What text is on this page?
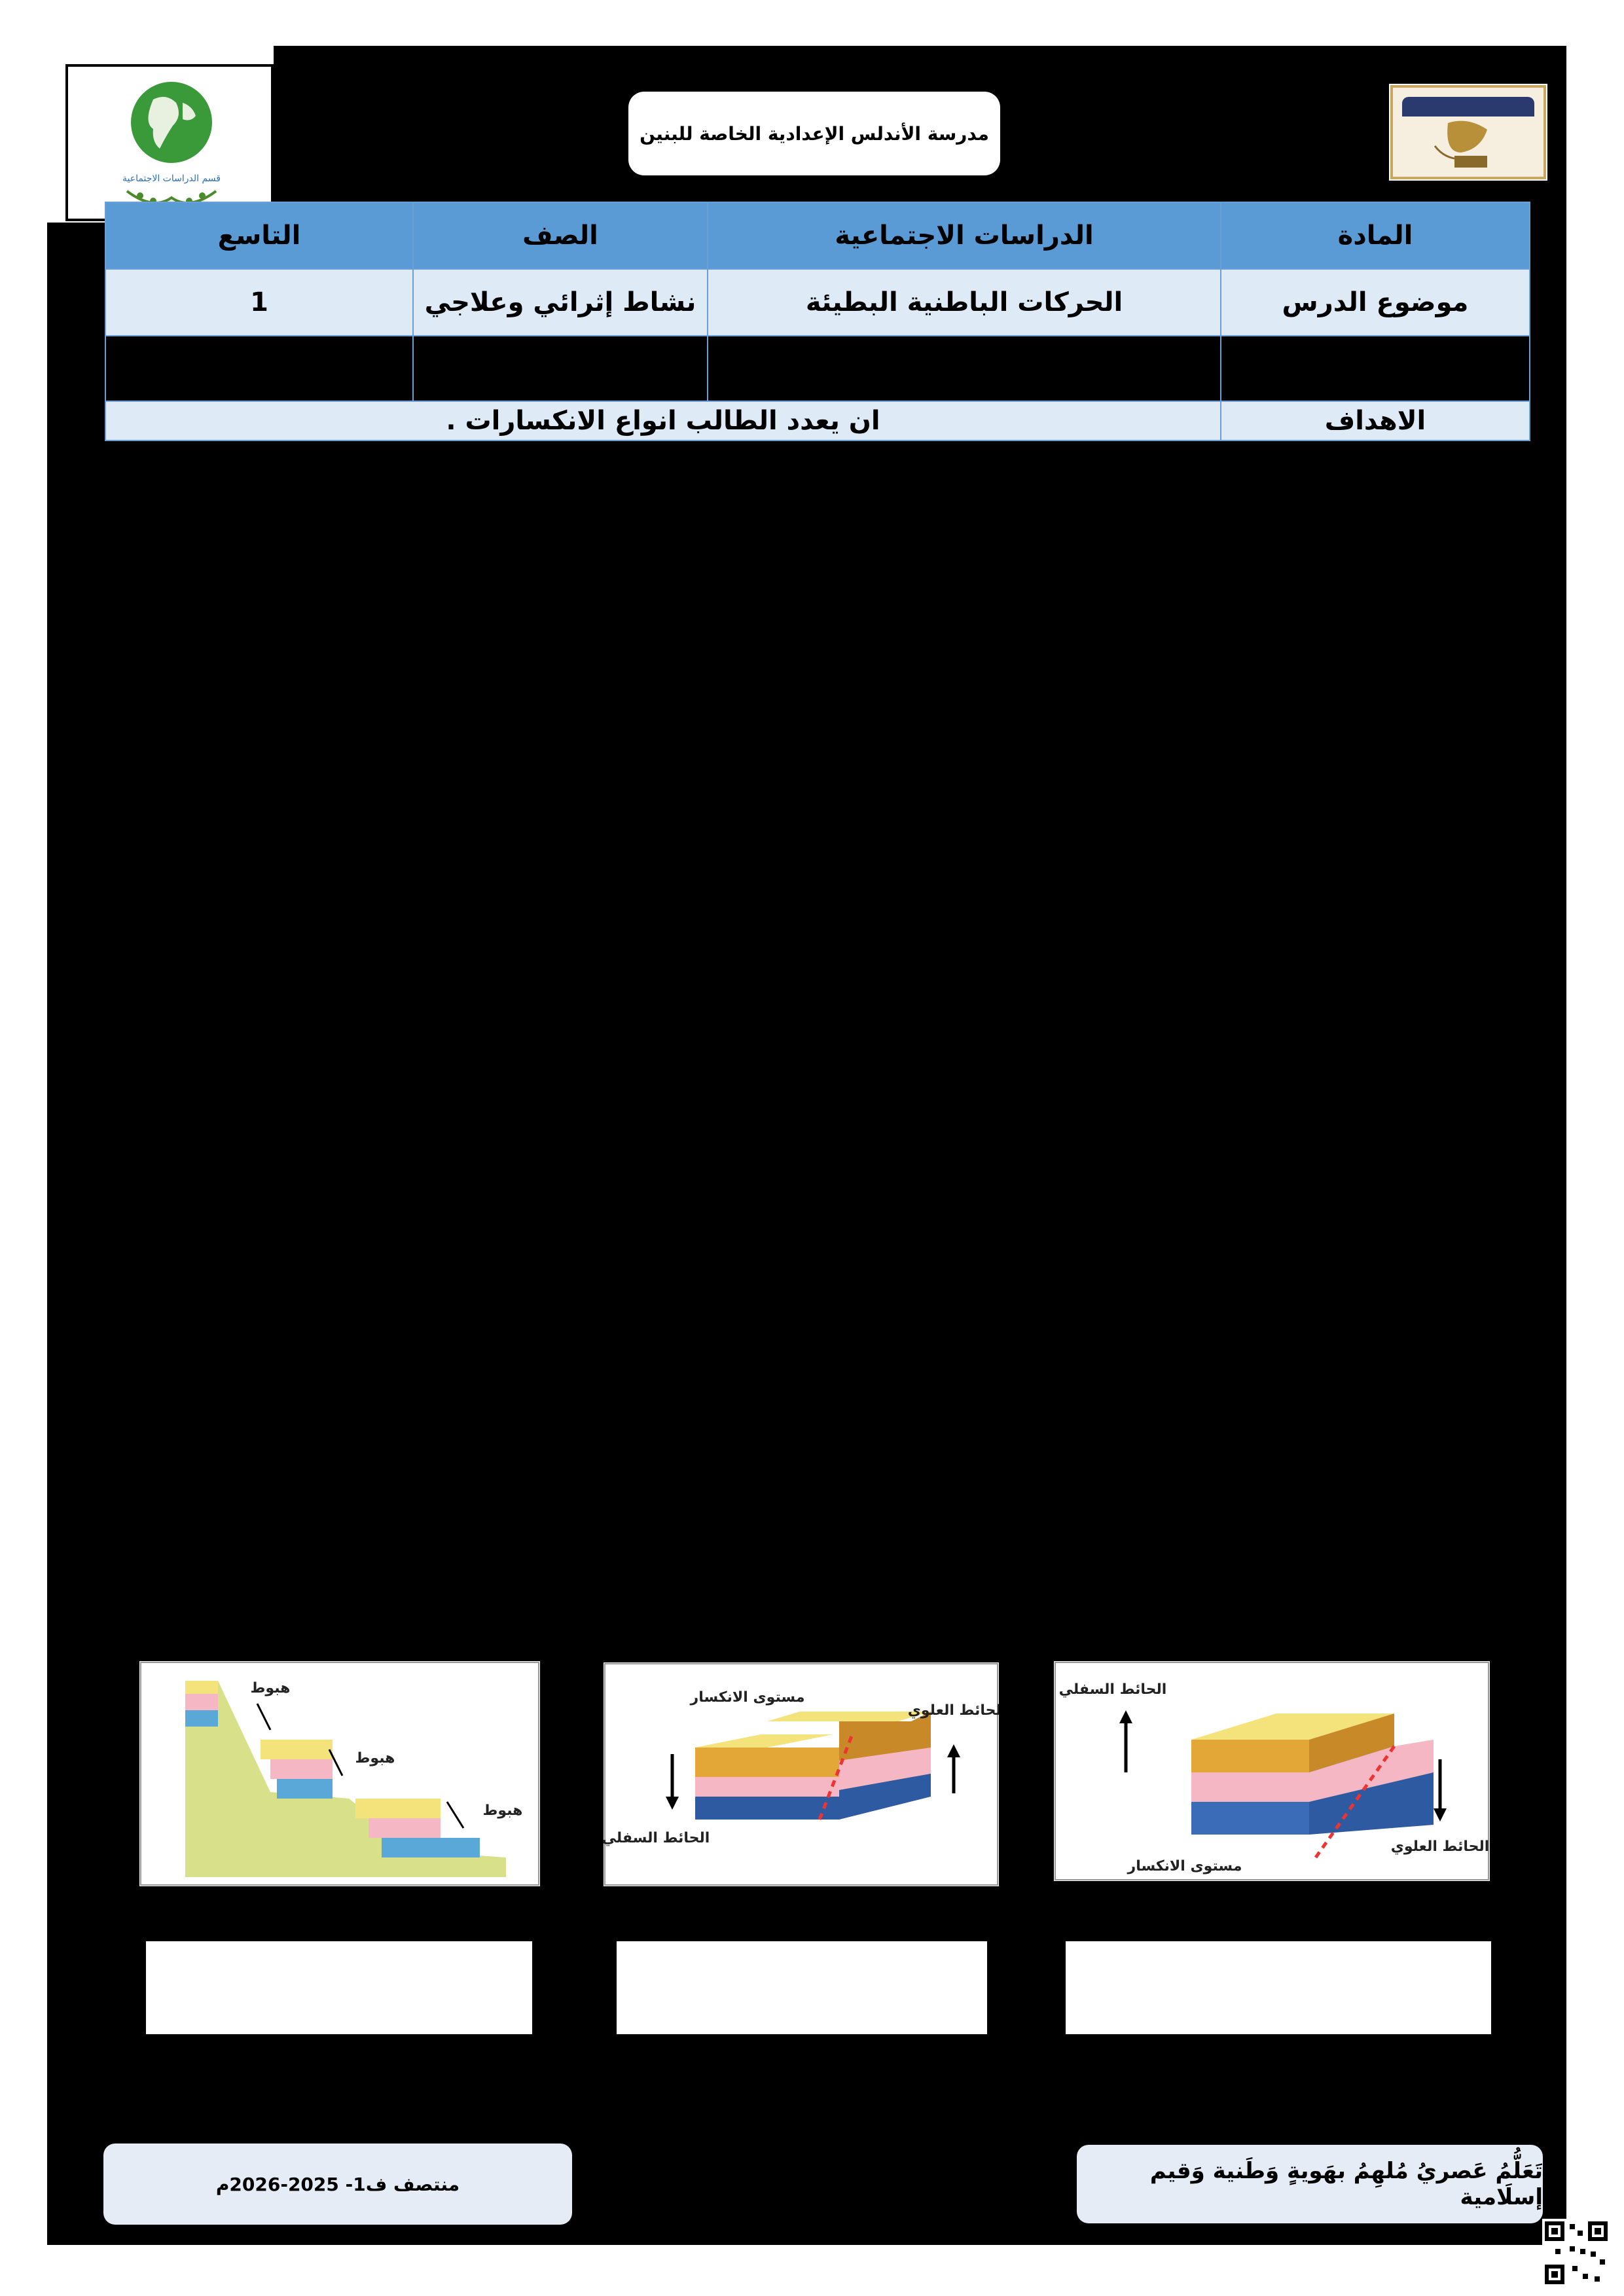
قسم الدراسات الاجتماعية
مدرسة الأندلس الإعدادية الخاصة للبنين
المادة	الدراسات الاجتماعية	الصف	التاسع
موضوع الدرس	الحركات الباطنية البطيئة	نشاط إثرائي وعلاجي	1

الاهداف	ان يعدد الطالب انواع الانكسارات .		
الحائط السفلي
الحائط العلوي
مستوى الانكسار
مستوى الانكسار
الحائط العلوي
الحائط السفلي
هبوط
هبوط
هبوط
تَعَلُّمُ عَصريُ مُلهِمُ بهَويةٍ وَطَنية وَقيم إسلَامية
منتصف ف1- 2025-2026م
